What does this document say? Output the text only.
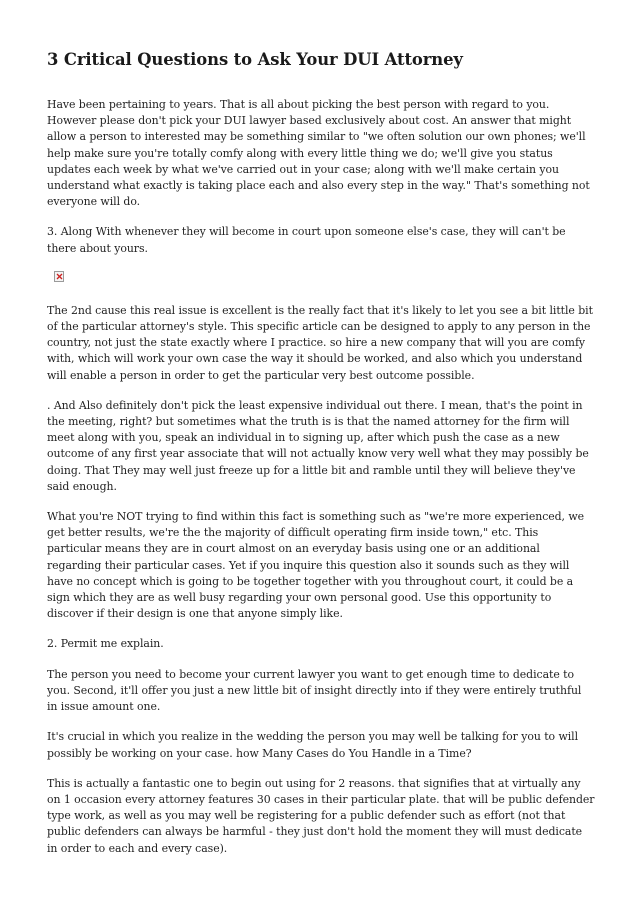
3 Critical Questions to Ask Your DUI Attorney

Have been pertaining to years. That is all about picking the best person with regard to you. However please don't pick your DUI lawyer based exclusively about cost. An answer that might allow a person to interested may be something similar to "we often solution our own phones; we'll help make sure you're totally comfy along with every little thing we do; we'll give you status updates each week by what we've carried out in your case; along with we'll make certain you understand what exactly is taking place each and also every step in the way." That's something not everyone will do.

3. Along With whenever they will become in court upon someone else's case, they will can't be there about yours.

The 2nd cause this real issue is excellent is the really fact that it's likely to let you see a bit little bit of the particular attorney's style. This specific article can be designed to apply to any person in the country, not just the state exactly where I practice. so hire a new company that will you are comfy with, which will work your own case the way it should be worked, and also which you understand will enable a person in order to get the particular very best outcome possible.

. And Also definitely don't pick the least expensive individual out there. I mean, that's the point in the meeting, right? but sometimes what the truth is is that the named attorney for the firm will meet along with you, speak an individual in to signing up, after which push the case as a new outcome of any first year associate that will not actually know very well what they may possibly be doing. That They may well just freeze up for a little bit and ramble until they will believe they've said enough.

What you're NOT trying to find within this fact is something such as "we're more experienced, we get better results, we're the the majority of difficult operating firm inside town," etc. This particular means they are in court almost on an everyday basis using one or an additional regarding their particular cases. Yet if you inquire this question also it sounds such as they will have no concept which is going to be together together with you throughout court, it could be a sign which they are as well busy regarding your own personal good. Use this opportunity to discover if their design is one that anyone simply like.

2. Permit me explain.

The person you need to become your current lawyer you want to get enough time to dedicate to you. Second, it'll offer you just a new little bit of insight directly into if they were entirely truthful in issue amount one.

It's crucial in which you realize in the wedding the person you may well be talking for you to will possibly be working on your case. how Many Cases do You Handle in a Time?

This is actually a fantastic one to begin out using for 2 reasons. that signifies that at virtually any on 1 occasion every attorney features 30 cases in their particular plate. that will be public defender type work, as well as you may well be registering for a public defender such as effort (not that public defenders can always be harmful - they just don't hold the moment they will must dedicate in order to each and every case).
